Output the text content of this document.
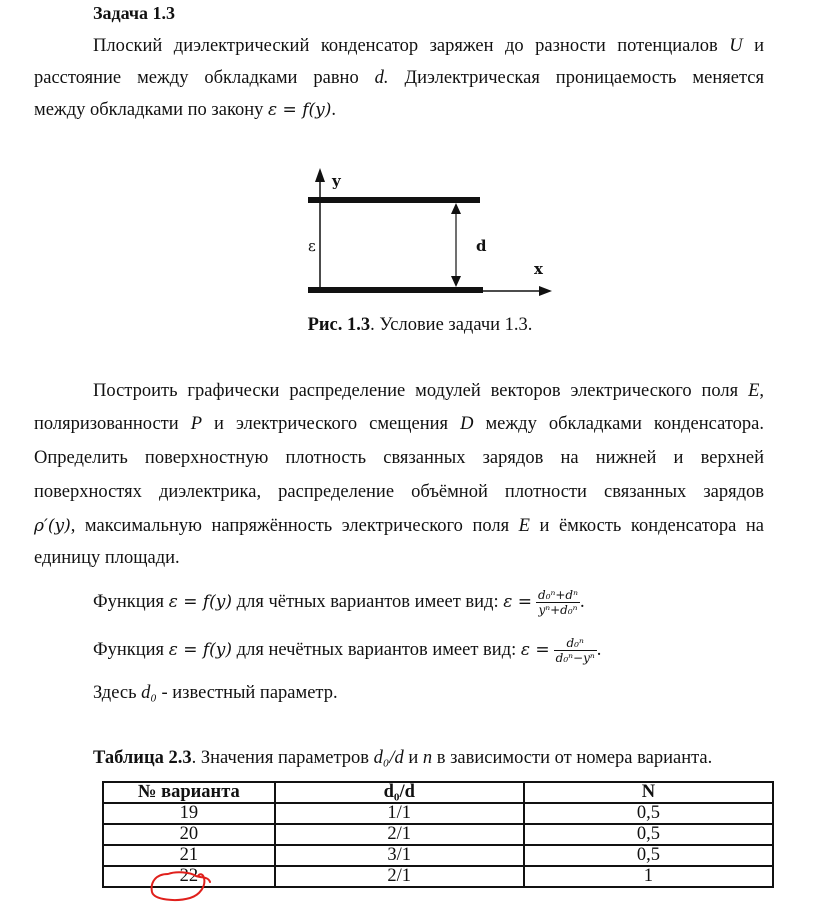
Задача 1.3
Плоский диэлектрический конденсатор заряжен до разности потенциалов U и
расстояние между обкладками равно d. Диэлектрическая проницаемость меняется
между обкладками по закону ε = f(y).
y
x
ε	d
Рис. 1.3. Условие задачи 1.3.
Построить графически распределение модулей векторов электрического поля E,
поляризованности P и электрического смещения D между обкладками конденсатора.
Определить поверхностную плотность связанных зарядов на нижней и верхней
поверхностях диэлектрика, распределение объёмной плотности связанных зарядов
ρ′(y), максимальную напряжённость электрического поля E и ёмкость конденсатора на
единицу площади.
Функция ε = f(y) для чётных вариантов имеет вид: $\varepsilon = \frac{\text{d₀ⁿ+dⁿ}}{\text{yⁿ+d₀ⁿ}}$ .
Функция ε = f(y) для нечётных вариантов имеет вид: $\varepsilon = \frac{\text{d₀ⁿ}}{\text{d₀ⁿ−yⁿ}}$ .
Здесь d₀ - известный параметр.
Таблица 2.3. Значения параметров d₀/d и n в зависимости от номера варианта.
№ варианта	d₀/d	N
19	1/1	0,5
20	2/1	0,5
21	3/1	0,5
22	2/1	1
